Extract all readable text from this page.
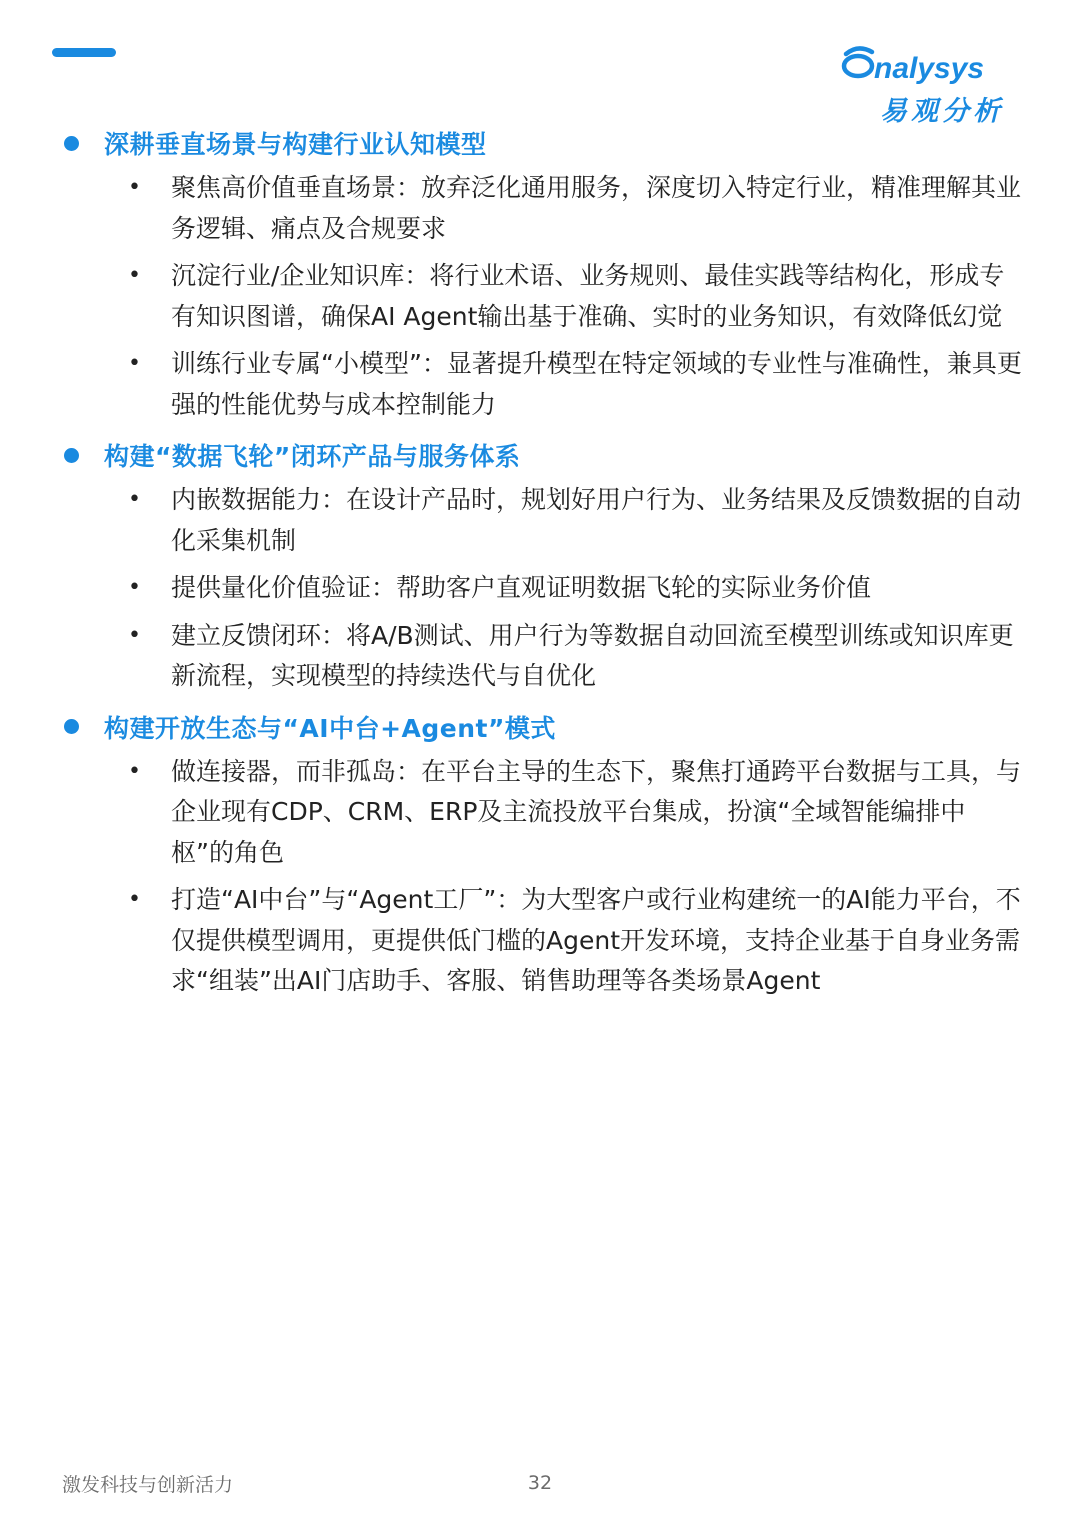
nalysys
易观分析
深耕垂直场景与构建行业认知模型
• 聚焦高价值垂直场景：放弃泛化通用服务，深度切入特定行业，精准理解其业务逻辑、痛点及合规要求
• 沉淀行业/企业知识库：将行业术语、业务规则、最佳实践等结构化，形成专有知识图谱，确保AI Agent输出基于准确、实时的业务知识，有效降低幻觉
• 训练行业专属“小模型”：显著提升模型在特定领域的专业性与准确性，兼具更强的性能优势与成本控制能力
构建“数据飞轮”闭环产品与服务体系
• 内嵌数据能力：在设计产品时，规划好用户行为、业务结果及反馈数据的自动化采集机制
• 提供量化价值验证：帮助客户直观证明数据飞轮的实际业务价值
• 建立反馈闭环：将A/B测试、用户行为等数据自动回流至模型训练或知识库更新流程，实现模型的持续迭代与自优化
构建开放生态与“AI中台+Agent”模式
• 做连接器，而非孤岛：在平台主导的生态下，聚焦打通跨平台数据与工具，与企业现有CDP、CRM、ERP及主流投放平台集成，扮演“全域智能编排中枢”的角色
• 打造“AI中台”与“Agent工厂”：为大型客户或行业构建统一的AI能力平台，不仅提供模型调用，更提供低门槛的Agent开发环境，支持企业基于自身业务需求“组装”出AI门店助手、客服、销售助理等各类场景Agent
激发科技与创新活力	32
